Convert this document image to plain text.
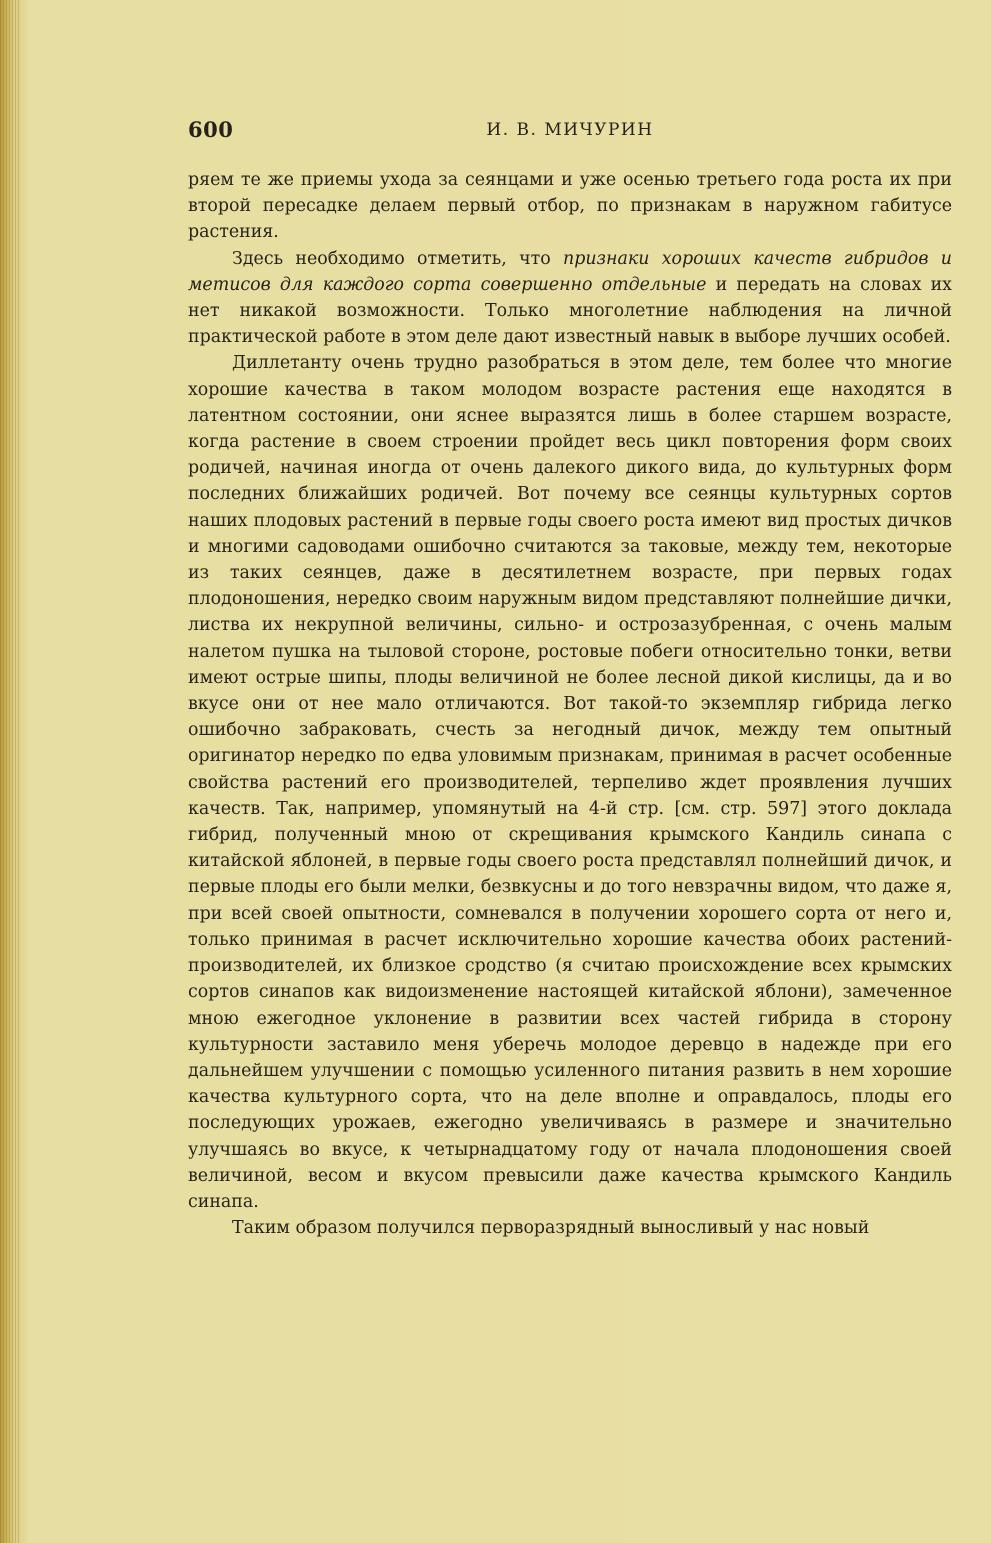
600	И. В. МИЧУРИН

ряем те же приемы ухода за сеянцами и уже осенью третьего года роста их при второй пересадке делаем первый отбор, по признакам в наружном габитусе растения.

Здесь необходимо отметить, что признаки хороших качеств гибридов и метисов для каждого сорта совершенно отдельные и передать на словах их нет никакой возможности. Только многолетние наблюдения на личной практической работе в этом деле дают известный навык в выборе лучших особей.

Диллетанту очень трудно разобраться в этом деле, тем более что многие хорошие качества в таком молодом возрасте растения еще находятся в латентном состоянии, они яснее выразятся лишь в более старшем возрасте, когда растение в своем строении пройдет весь цикл повторения форм своих родичей, начиная иногда от очень далекого дикого вида, до культурных форм последних ближайших родичей. Вот почему все сеянцы культурных сортов наших плодовых растений в первые годы своего роста имеют вид простых дичков и многими садоводами ошибочно считаются за таковые, между тем, некоторые из таких сеянцев, даже в десятилетнем возрасте, при первых годах плодоношения, нередко своим наружным видом представляют полнейшие дички, листва их некрупной величины, сильно- и острозазубренная, с очень малым налетом пушка на тыловой стороне, ростовые побеги относительно тонки, ветви имеют острые шипы, плоды величиной не более лесной дикой кислицы, да и во вкусе они от нее мало отличаются. Вот такой-то экземпляр гибрида легко ошибочно забраковать, счесть за негодный дичок, между тем опытный оригинатор нередко по едва уловимым признакам, принимая в расчет особенные свойства растений его производителей, терпеливо ждет проявления лучших качеств. Так, например, упомянутый на 4-й стр. [см. стр. 597] этого доклада гибрид, полученный мною от скрещивания крымского Кандиль синапа с китайской яблоней, в первые годы своего роста представлял полнейший дичок, и первые плоды его были мелки, безвкусны и до того невзрачны видом, что даже я, при всей своей опытности, сомневался в получении хорошего сорта от него и, только принимая в расчет исключительно хорошие качества обоих растений-производителей, их близкое сродство (я считаю происхождение всех крымских сортов синапов как видоизменение настоящей китайской яблони), замеченное мною ежегодное уклонение в развитии всех частей гибрида в сторону культурности заставило меня уберечь молодое деревцо в надежде при его дальнейшем улучшении с помощью усиленного питания развить в нем хорошие качества культурного сорта, что на деле вполне и оправдалось, плоды его последующих урожаев, ежегодно увеличиваясь в размере и значительно улучшаясь во вкусе, к четырнадцатому году от начала плодоношения своей величиной, весом и вкусом превысили даже качества крымского Кандиль синапа.

Таким образом получился перворазрядный выносливый у нас новый
